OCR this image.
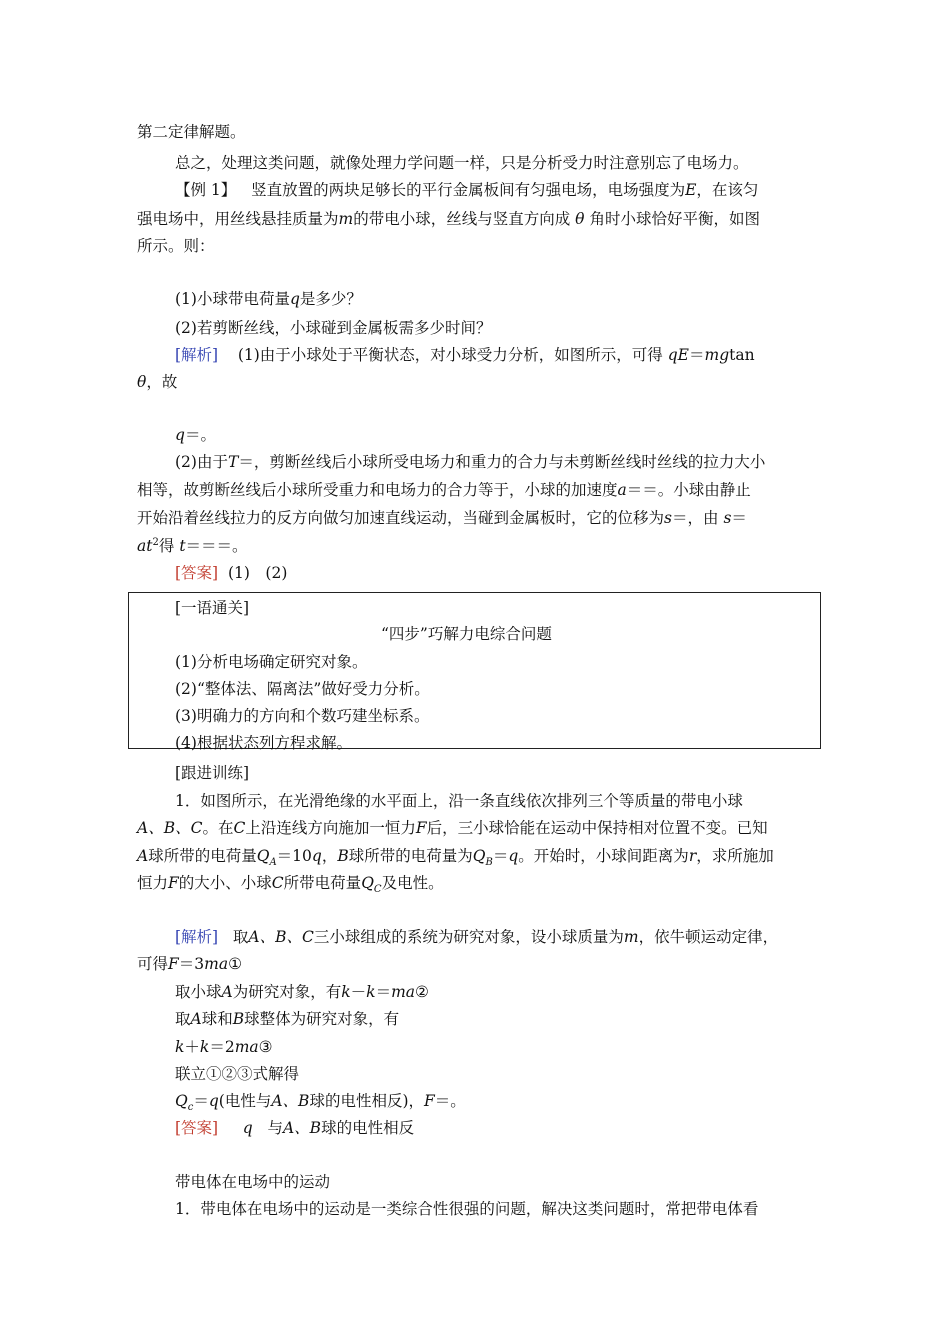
第二定律解题。
总之，处理这类问题，就像处理力学问题一样，只是分析受力时注意别忘了电场力。
【例 1】 竖直放置的两块足够长的平行金属板间有匀强电场，电场强度为E，在该匀
强电场中，用丝线悬挂质量为m的带电小球，丝线与竖直方向成 θ 角时小球恰好平衡，如图
所示。则：
(1)小球带电荷量q是多少？
(2)若剪断丝线，小球碰到金属板需多少时间？
[解析] (1)由于小球处于平衡状态，对小球受力分析，如图所示，可得 qE＝mgtan
θ，故
q＝。
(2)由于T＝，剪断丝线后小球所受电场力和重力的合力与未剪断丝线时丝线的拉力大小
相等，故剪断丝线后小球所受重力和电场力的合力等于，小球的加速度a＝＝。小球由静止
开始沿着丝线拉力的反方向做匀加速直线运动，当碰到金属板时，它的位移为s＝，由 s＝
$at^2$得 t＝＝＝。
[答案] (1)　(2)
[一语通关]
“四步”巧解力电综合问题
(1)分析电场确定研究对象。
(2)“整体法、隔离法”做好受力分析。
(3)明确力的方向和个数巧建坐标系。
(4)根据状态列方程求解。
[跟进训练]
1．如图所示，在光滑绝缘的水平面上，沿一条直线依次排列三个等质量的带电小球
A、B、C。在C上沿连线方向施加一恒力F后，三小球恰能在运动中保持相对位置不变。已知
A球所带的电荷量$Q_A=10q$，B球所带的电荷量为$Q_B=q$。开始时，小球间距离为r，求所施加
恒力F的大小、小球C所带电荷量$Q_C$及电性。
[解析] 取A、B、C三小球组成的系统为研究对象，设小球质量为m，依牛顿运动定律，
可得F＝3ma①
取小球A为研究对象，有k－k＝ma②
取A球和B球整体为研究对象，有
k＋k＝2ma③
联立①②③式解得
$Q_c=q$(电性与A、B球的电性相反)，F＝。
[答案] q 与A、B球的电性相反
带电体在电场中的运动
1．带电体在电场中的运动是一类综合性很强的问题，解决这类问题时，常把带电体看
